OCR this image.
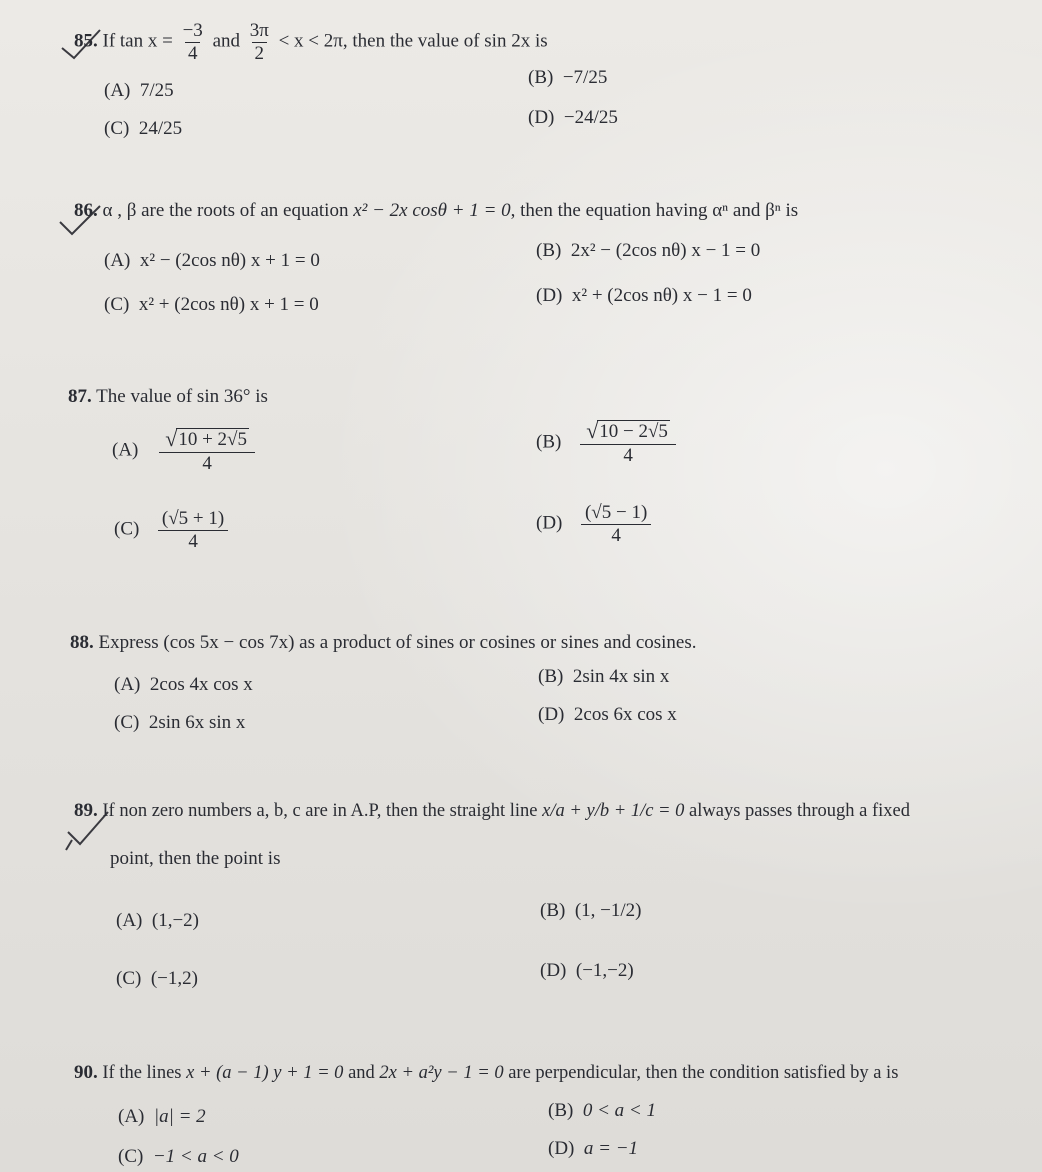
85. If $\tan x = \frac{-3}{4}$ and $\frac{3\pi}{2} < x < 2\pi$, then the value of sin 2x is
(A) 7/25
(B) −7/25
(C) 24/25
(D) −24/25
86. α , β are the roots of an equation x² − 2x cosθ + 1 = 0, then the equation having αⁿ and βⁿ is
(A) x² − (2cos nθ) x + 1 = 0	(B) 2x² − (2cos nθ) x − 1 = 0
(C) x² + (2cos nθ) x + 1 = 0	(D) x² + (2cos nθ) x − 1 = 0
87. The value of sin 36° is
$(A) \frac{√ 10 + 2√5}{4}$	$(B) \frac{√ 10 - 2√5}{4}$
$(C) \frac{(√5 + 1)}{4}$	$(D) \frac{(√5 - 1)}{4}$
88. Express (cos 5x − cos 7x) as a product of sines or cosines or sines and cosines.
(A) 2cos 4x cos x	(B) 2sin 4x sin x
(C) 2sin 6x sin x	(D) 2cos 6x cos x
89. If non zero numbers a, b, c are in A.P, then the straight line x/a + y/b + 1/c = 0 always passes through a fixed
point, then the point is
(A) (1,−2)	(B) (1, −1/2)
(C) (−1,2)	(D) (−1,−2)
90. If the lines x + (a − 1) y + 1 = 0 and 2x + a²y − 1 = 0 are perpendicular, then the condition satisfied by a is
(A) |a| = 2	(B) 0 < a < 1
(C) −1 < a < 0	(D) a = −1
